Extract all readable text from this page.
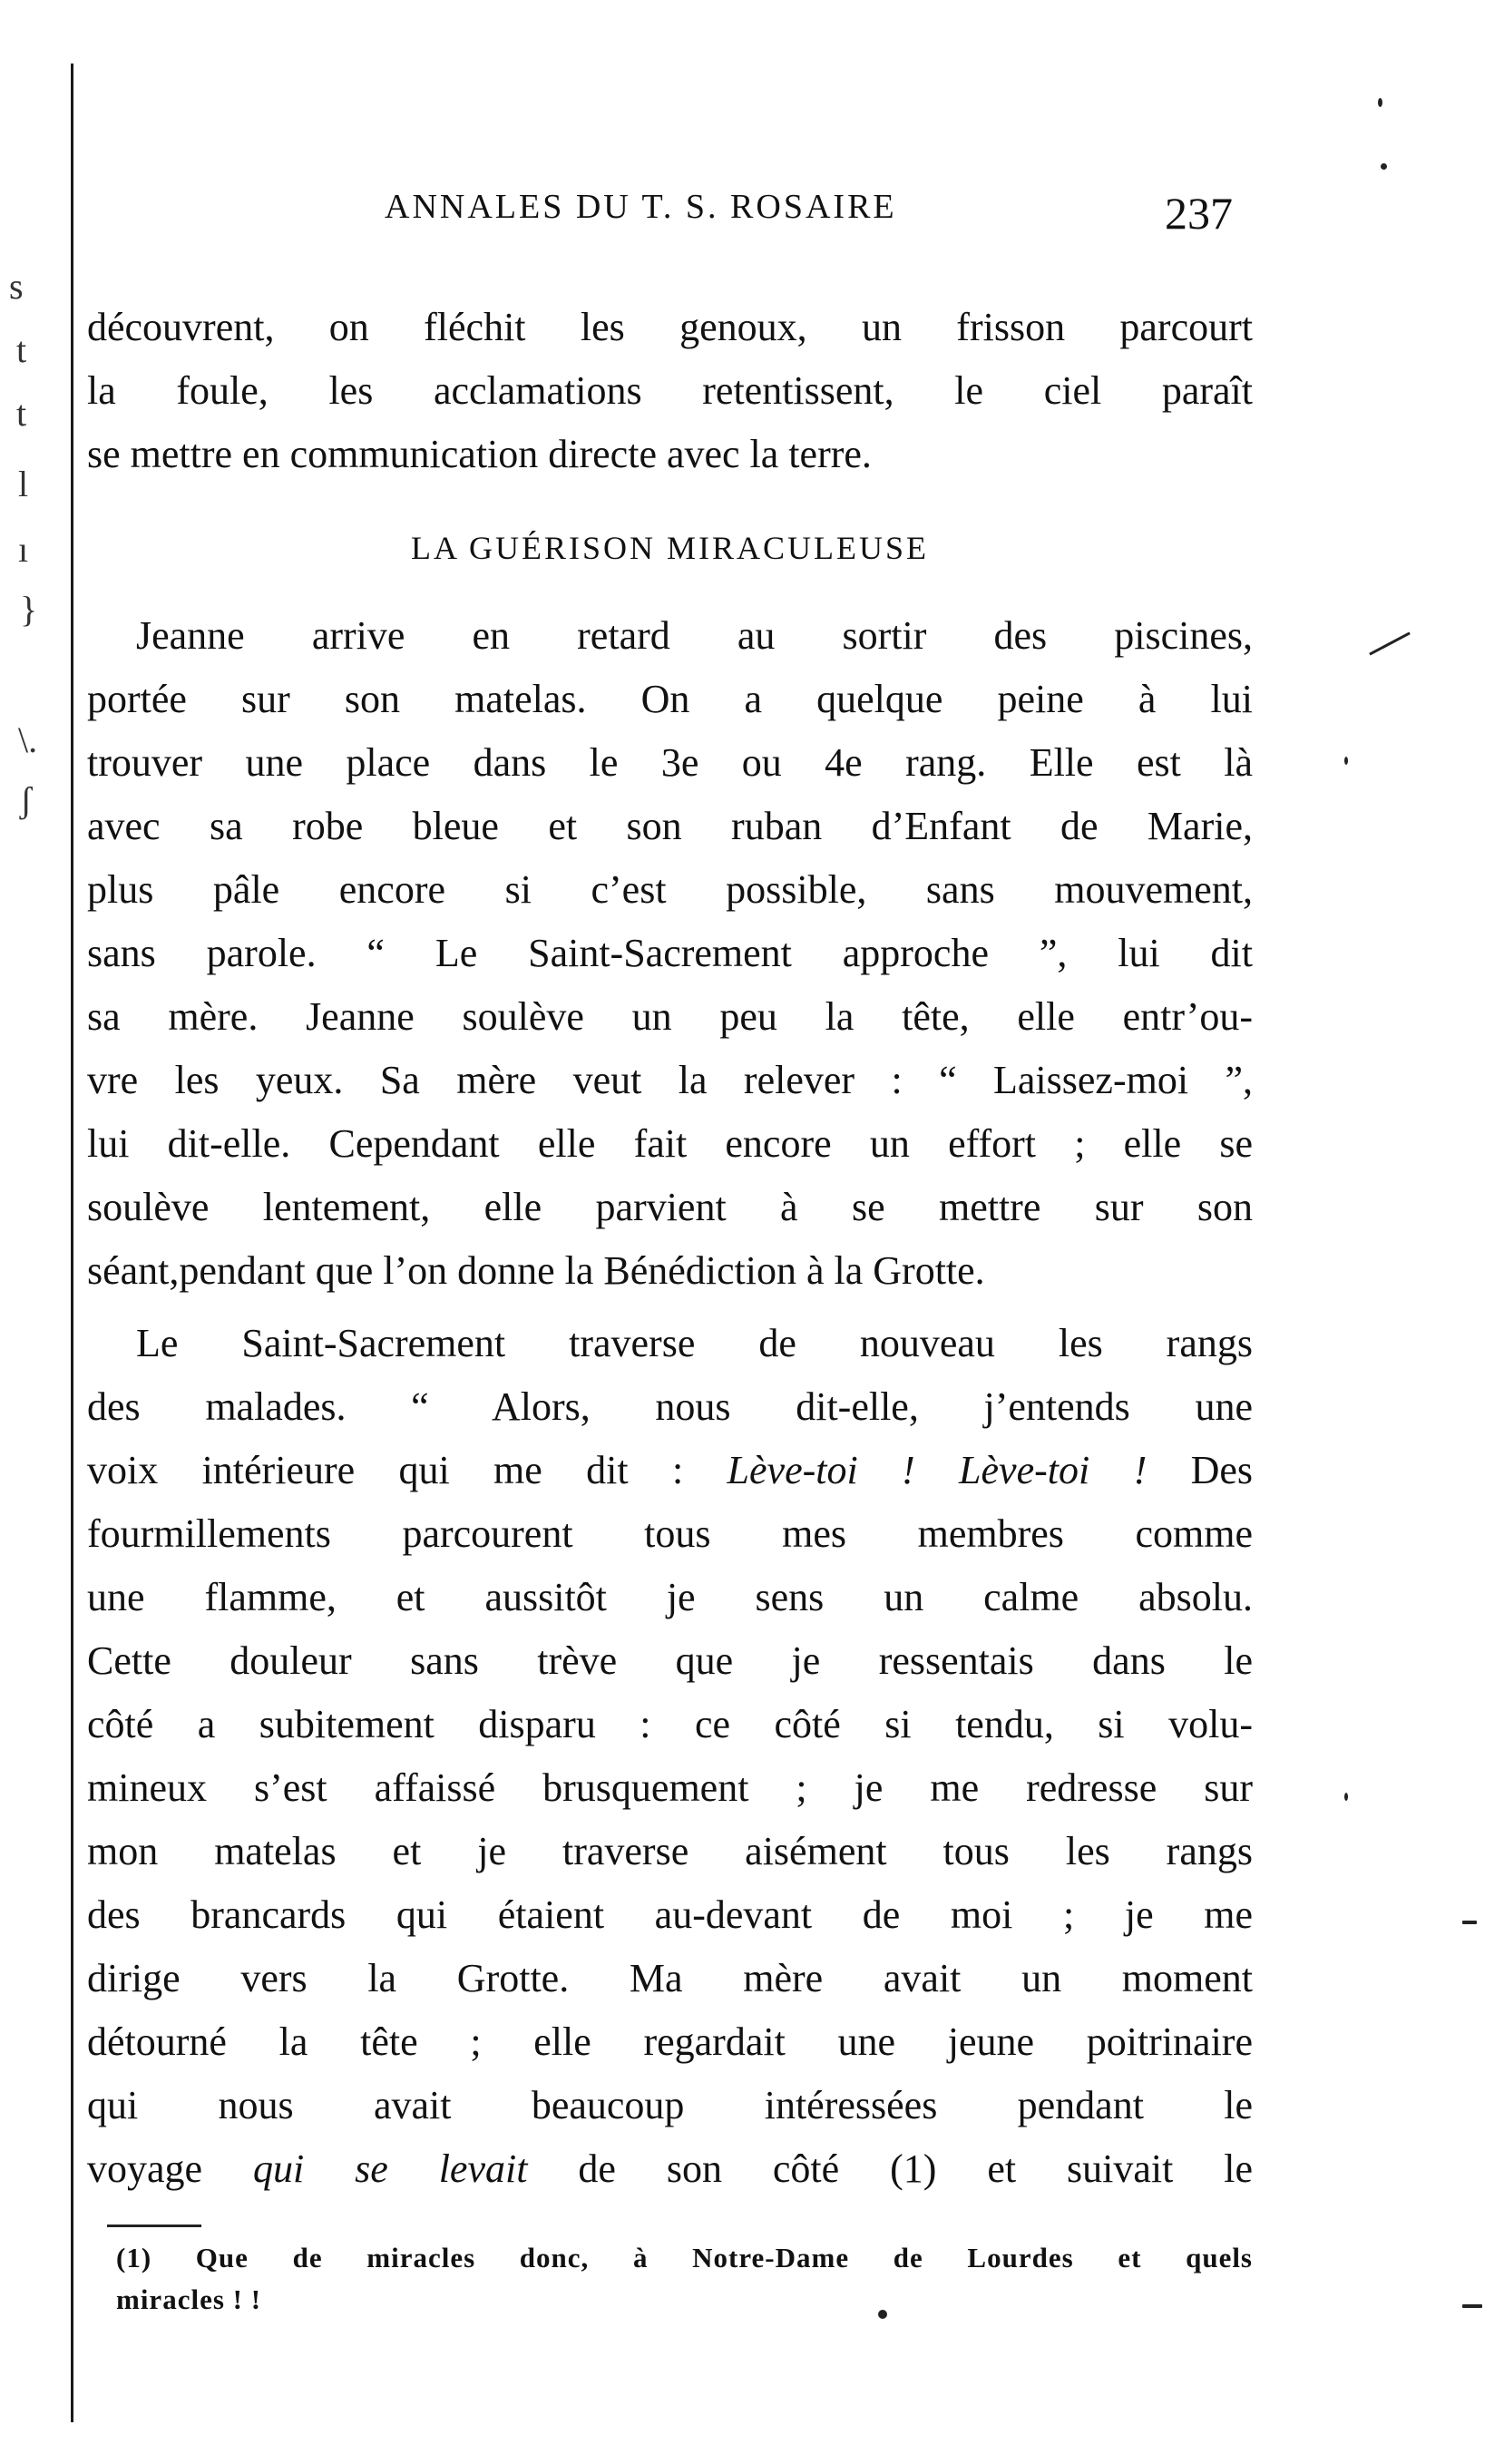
s
t
t
l
ı
}
\.
ʃ
ANNALES DU T. S. ROSAIRE	237
découvrent, on fléchit les genoux, un frisson parcourt
la foule, les acclamations retentissent, le ciel paraît
se mettre en communication directe avec la terre.
LA GUÉRISON MIRACULEUSE
Jeanne arrive en retard au sortir des piscines,
portée sur son matelas. On a quelque peine à lui
trouver une place dans le 3e ou 4e rang. Elle est là
avec sa robe bleue et son ruban d’Enfant de Marie,
plus pâle encore si c’est possible, sans mouvement,
sans parole. “ Le Saint-Sacrement approche ”, lui dit
sa mère. Jeanne soulève un peu la tête, elle entr’ou-
vre les yeux. Sa mère veut la relever : “ Laissez-moi ”,
lui dit-elle. Cependant elle fait encore un effort ; elle se
soulève lentement, elle parvient à se mettre sur son
séant,pendant que l’on donne la Bénédiction à la Grotte.
Le Saint-Sacrement traverse de nouveau les rangs
des malades. “ Alors, nous dit-elle, j’entends une
voix intérieure qui me dit : Lève-toi ! Lève-toi ! Des
fourmillements parcourent tous mes membres comme
une flamme, et aussitôt je sens un calme absolu.
Cette douleur sans trève que je ressentais dans le
côté a subitement disparu : ce côté si tendu, si volu-
mineux s’est affaissé brusquement ; je me redresse sur
mon matelas et je traverse aisément tous les rangs
des brancards qui étaient au-devant de moi ; je me
dirige vers la Grotte. Ma mère avait un moment
détourné la tête ; elle regardait une jeune poitrinaire
qui nous avait beaucoup intéressées pendant le
voyage qui se levait de son côté (1) et suivait le
(1) Que de miracles donc, à Notre-Dame de Lourdes et quels
miracles ! !
